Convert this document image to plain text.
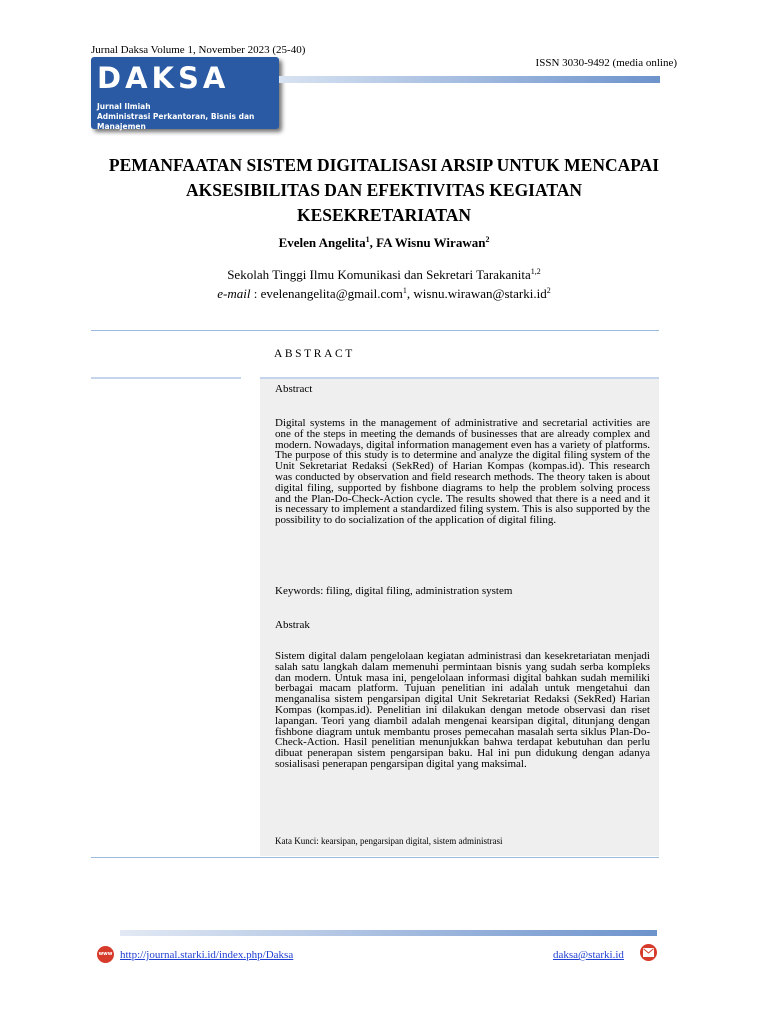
Jurnal Daksa Volume 1, November 2023 (25-40)
ISSN 3030-9492 (media online)
DAKSA
Jurnal Ilmiah
Administrasi Perkantoran, Bisnis dan Manajemen
PEMANFAATAN SISTEM DIGITALISASI ARSIP UNTUK MENCAPAI
AKSESIBILITAS DAN EFEKTIVITAS KEGIATAN
KESEKRETARIATAN
Evelen Angelita$^1$, FA Wisnu Wirawan$^2$
Sekolah Tinggi Ilmu Komunikasi dan Sekretari Tarakanita$^{1,2}$
e-mail : evelenangelita@gmail.com$^1$, $wisnu.wirawan@starki.id^2$
ABSTRACT
Abstract
Digital systems in the management of administrative and secretarial activities are one of the steps in meeting the demands of businesses that are already complex and modern. Nowadays, digital information management even has a variety of platforms. The purpose of this study is to determine and analyze the digital filing system of the Unit Sekretariat Redaksi (SekRed) of Harian Kompas (kompas.id). This research was conducted by observation and field research methods. The theory taken is about digital filing, supported by fishbone diagrams to help the problem solving process and the Plan-Do-Check-Action cycle. The results showed that there is a need and it is necessary to implement a standardized filing system. This is also supported by the possibility to do socialization of the application of digital filing.
Keywords: filing, digital filing, administration system
Abstrak
Sistem digital dalam pengelolaan kegiatan administrasi dan kesekretariatan menjadi salah satu langkah dalam memenuhi permintaan bisnis yang sudah serba kompleks dan modern. Untuk masa ini, pengelolaan informasi digital bahkan sudah memiliki berbagai macam platform. Tujuan penelitian ini adalah untuk mengetahui dan menganalisa sistem pengarsipan digital Unit Sekretariat Redaksi (SekRed) Harian Kompas (kompas.id). Penelitian ini dilakukan dengan metode observasi dan riset lapangan. Teori yang diambil adalah mengenai kearsipan digital, ditunjang dengan fishbone diagram untuk membantu proses pemecahan masalah serta siklus Plan-Do-Check-Action. Hasil penelitian menunjukkan bahwa terdapat kebutuhan dan perlu dibuat penerapan sistem pengarsipan baku. Hal ini pun didukung dengan adanya sosialisasi penerapan pengarsipan digital yang maksimal.
Kata Kunci: kearsipan, pengarsipan digital, sistem administrasi
www http://journal.starki.id/index.php/Daksa	daksa@starki.id
